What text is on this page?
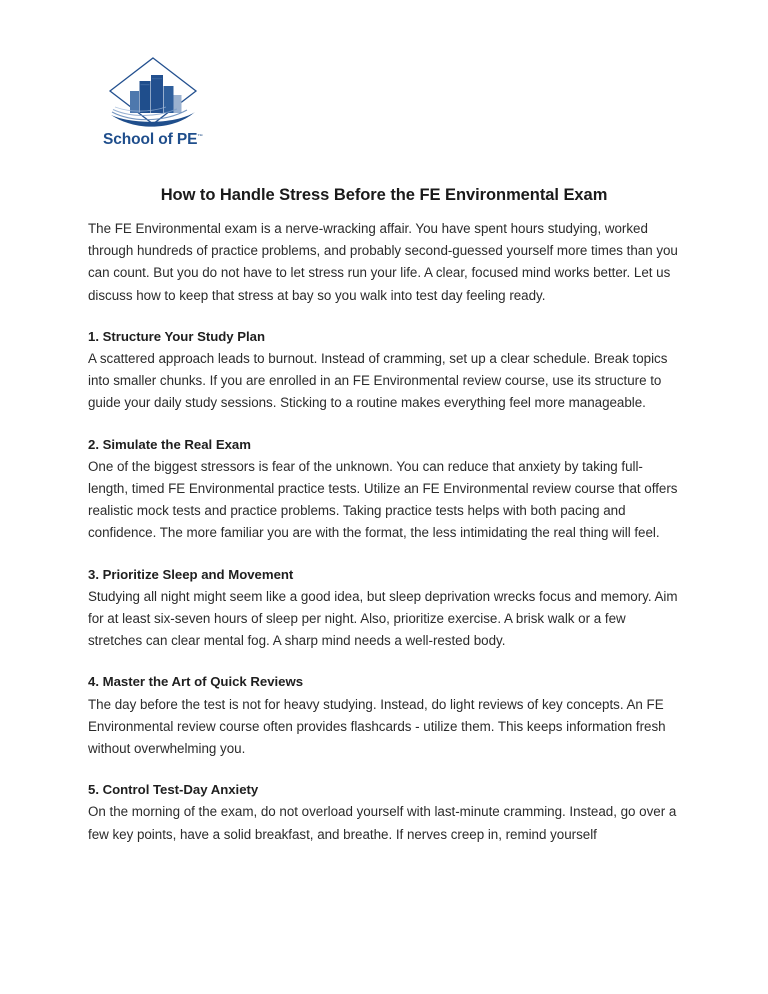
School of PE™
How to Handle Stress Before the FE Environmental Exam

The FE Environmental exam is a nerve-wracking affair. You have spent hours studying, worked through hundreds of practice problems, and probably second-guessed yourself more times than you can count. But you do not have to let stress run your life. A clear, focused mind works better. Let us discuss how to keep that stress at bay so you walk into test day feeling ready.

1. Structure Your Study Plan

A scattered approach leads to burnout. Instead of cramming, set up a clear schedule. Break topics into smaller chunks. If you are enrolled in an FE Environmental review course, use its structure to guide your daily study sessions. Sticking to a routine makes everything feel more manageable.

2. Simulate the Real Exam

One of the biggest stressors is fear of the unknown. You can reduce that anxiety by taking full-length, timed FE Environmental practice tests. Utilize an FE Environmental review course that offers realistic mock tests and practice problems. Taking practice tests helps with both pacing and confidence. The more familiar you are with the format, the less intimidating the real thing will feel.

3. Prioritize Sleep and Movement

Studying all night might seem like a good idea, but sleep deprivation wrecks focus and memory. Aim for at least six-seven hours of sleep per night. Also, prioritize exercise. A brisk walk or a few stretches can clear mental fog. A sharp mind needs a well-rested body.

4. Master the Art of Quick Reviews

The day before the test is not for heavy studying. Instead, do light reviews of key concepts. An FE Environmental review course often provides flashcards - utilize them. This keeps information fresh without overwhelming you.

5. Control Test-Day Anxiety

On the morning of the exam, do not overload yourself with last-minute cramming. Instead, go over a few key points, have a solid breakfast, and breathe. If nerves creep in, remind yourself
